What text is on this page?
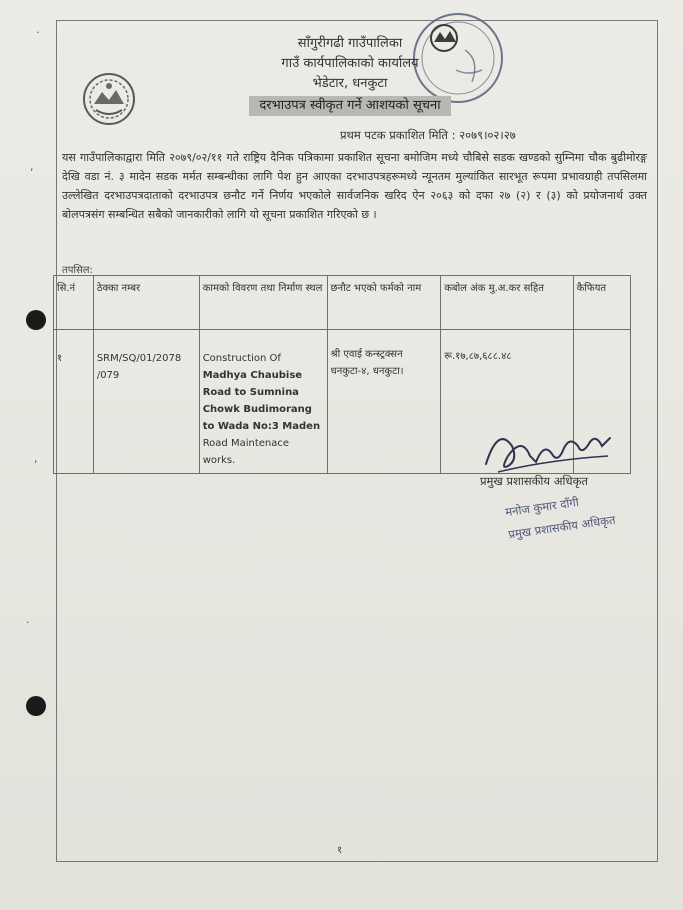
·
,
,
·
साँगुरीगढी गाउँपालिका
गाउँ कार्यपालिकाको कार्यालय
भेडेटार, धनकुटा
दरभाउपत्र स्वीकृत गर्ने आशयको सूचना
प्रथम पटक प्रकाशित मिति : २०७९।०२।२७
यस गाउँपालिकाद्वारा मिति २०७९/०२/११ गते राष्ट्रिय दैनिक पत्रिकामा प्रकाशित सूचना बमोजिम मध्ये चौबिसे सडक खण्डको सुम्निमा चौक बुढीमोरङ्ग देखि वडा नं. ३ मादेन सडक मर्मत सम्बन्धीका लागि पेश हुन आएका दरभाउपत्रहरूमध्ये न्यूनतम मुल्यांकित सारभूत रूपमा प्रभावग्राही तपसिलमा उल्लेखित दरभाउपत्रदाताको दरभाउपत्र छनौट गर्ने निर्णय भएकोले सार्वजनिक खरिद ऐन २०६३ को दफा २७ (२) र (३) को प्रयोजनार्थ उक्त बोलपत्रसंग सम्बन्धित सबैको जानकारीको लागि यो सूचना प्रकाशित गरिएको छ ।
तपसिल:
सि.नं	ठेक्का नम्बर	कामको विवरण तथा निर्माण स्थल	छनौट भएको फर्मको नाम	कबोल अंक मु.अ.कर सहित	कैफियत
१	SRM/SQ/01/2078 /079	Construction Of Madhya Chaubise Road to Sumnina Chowk Budimorang to Wada No:3 Maden Road Maintenace works.	श्री एवाई कन्स्ट्रक्सन धनकुटा-४, धनकुटा।	रू.१७,८७,६८८.४८	
प्रमुख प्रशासकीय अधिकृत
मनोज कुमार दाँगी
प्रमुख प्रशासकीय अधिकृत
१
